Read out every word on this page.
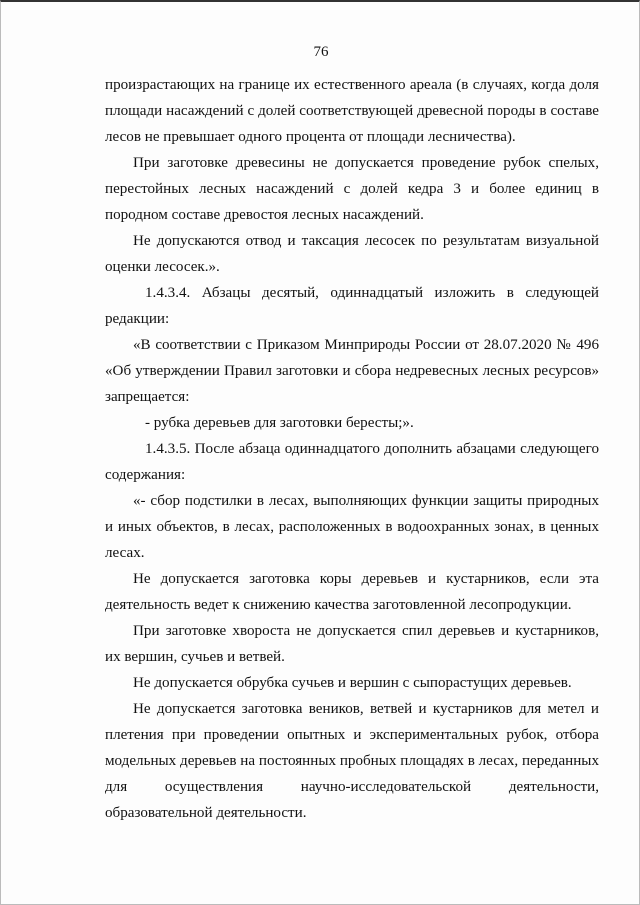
76

произрастающих на границе их естественного ареала (в случаях, когда доля
площади насаждений с долей соответствующей древесной породы в составе
лесов не превышает одного процента от площади лесничества).

При заготовке древесины не допускается проведение рубок спелых,
перестойных лесных насаждений с долей кедра 3 и более единиц в
породном составе древостоя лесных насаждений.

Не допускаются отвод и таксация лесосек по результатам визуальной
оценки лесосек.».

1.4.3.4. Абзацы десятый, одиннадцатый изложить в следующей
редакции:

«В соответствии с Приказом Минприроды России от 28.07.2020 № 496
«Об утверждении Правил заготовки и сбора недревесных лесных ресурсов»
запрещается:

- рубка деревьев для заготовки бересты;».

1.4.3.5. После абзаца одиннадцатого дополнить абзацами следующего
содержания:

«- сбор подстилки в лесах, выполняющих функции защиты природных
и иных объектов, в лесах, расположенных в водоохранных зонах, в ценных
лесах.

Не допускается заготовка коры деревьев и кустарников, если эта
деятельность ведет к снижению качества заготовленной лесопродукции.

При заготовке хвороста не допускается спил деревьев и кустарников,
их вершин, сучьев и ветвей.

Не допускается обрубка сучьев и вершин с сыпорастущих деревьев.

Не допускается заготовка веников, ветвей и кустарников для метел и
плетения при проведении опытных и экспериментальных рубок, отбора
модельных деревьев на постоянных пробных площадях в лесах, переданных
для осуществления научно-исследовательской деятельности,
образовательной деятельности.
